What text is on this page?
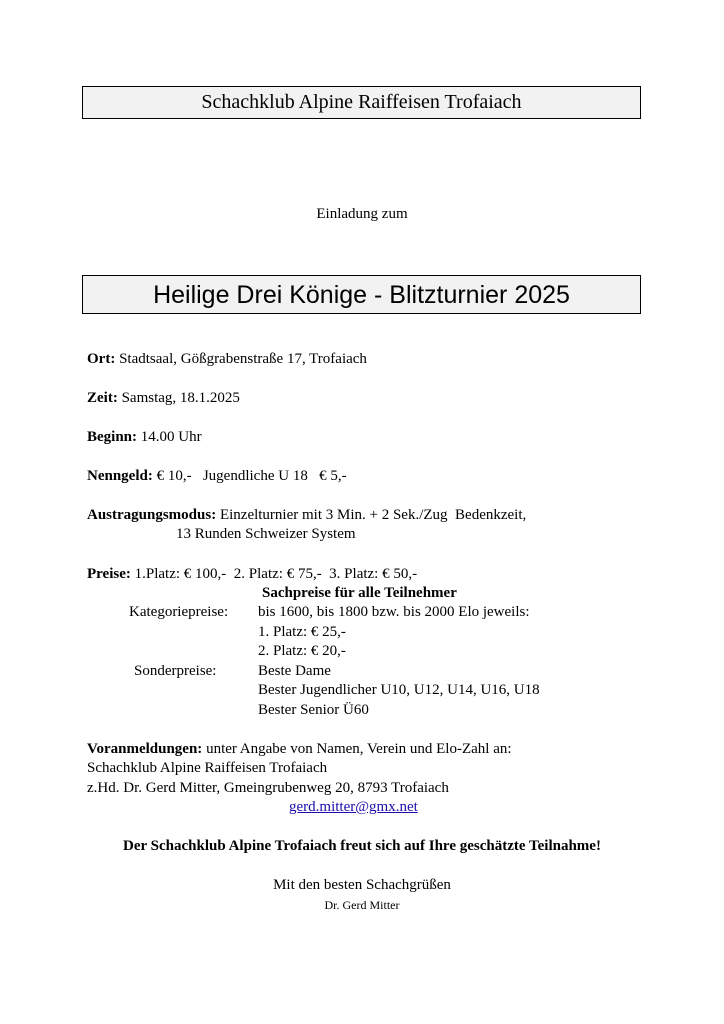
Schachklub Alpine Raiffeisen Trofaiach
Einladung zum
Heilige Drei Könige - Blitzturnier 2025
Ort: Stadtsaal, Gößgrabenstraße 17, Trofaiach
Zeit: Samstag, 18.1.2025
Beginn: 14.00 Uhr
Nenngeld: € 10,-   Jugendliche U 18   € 5,-
Austragungsmodus: Einzelturnier mit 3 Min. + 2 Sek./Zug  Bedenkzeit,
13 Runden Schweizer System
Preise: 1.Platz: € 100,-  2. Platz: € 75,-  3. Platz: € 50,-
Sachpreise für alle Teilnehmer
Kategoriepreise: bis 1600, bis 1800 bzw. bis 2000 Elo jeweils:
1. Platz: € 25,-
2. Platz: € 20,-
Sonderpreise:	Beste Dame
Bester Jugendlicher U10, U12, U14, U16, U18
Bester Senior Ü60
Voranmeldungen: unter Angabe von Namen, Verein und Elo-Zahl an:
Schachklub Alpine Raiffeisen Trofaiach
z.Hd. Dr. Gerd Mitter, Gmeingrubenweg 20, 8793 Trofaiach
gerd.mitter@gmx.net
Der Schachklub Alpine Trofaiach freut sich auf Ihre geschätzte Teilnahme!
Mit den besten Schachgrüßen
Dr. Gerd Mitter
